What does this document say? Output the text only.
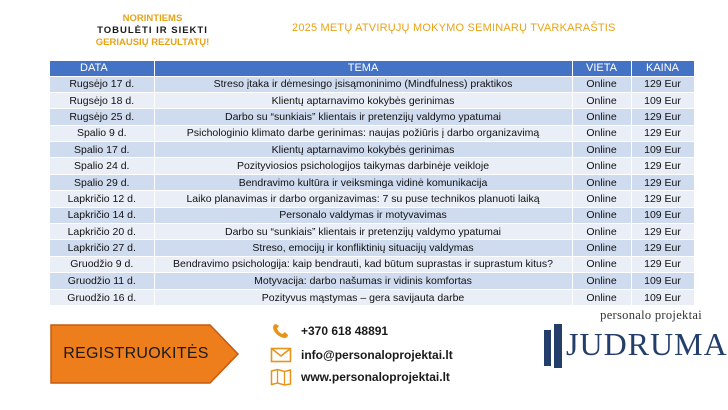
NORINTIEMS
TOBULĖTI IR SIEKTI
GERIAUSIŲ REZULTATŲ!
2025 METŲ ATVIRŲJŲ MOKYMO SEMINARŲ TVARKARAŠTIS
DATA	TEMA	VIETA	KAINA
Rugsėjo 17 d.	Streso įtaka ir dėmesingo įsisąmoninimo (Mindfulness) praktikos	Online	129 Eur
Rugsėjo 18 d.	Klientų aptarnavimo kokybės gerinimas	Online	109 Eur
Rugsėjo 25 d.	Darbo su “sunkiais” klientais ir pretenzijų valdymo ypatumai	Online	129 Eur
Spalio 9 d.	Psichologinio klimato darbe gerinimas: naujas požiūris į darbo organizavimą	Online	129 Eur
Spalio 17 d.	Klientų aptarnavimo kokybės gerinimas	Online	109 Eur
Spalio 24 d.	Pozityviosios psichologijos taikymas darbinėje veikloje	Online	129 Eur
Spalio 29 d.	Bendravimo kultūra ir veiksminga vidinė komunikacija	Online	129 Eur
Lapkričio 12 d.	Laiko planavimas ir darbo organizavimas: 7 su puse technikos planuoti laiką	Online	129 Eur
Lapkričio 14 d.	Personalo valdymas ir motyvavimas	Online	109 Eur
Lapkričio 20 d.	Darbo su “sunkiais” klientais ir pretenzijų valdymo ypatumai	Online	129 Eur
Lapkričio 27 d.	Streso, emocijų ir konfliktinių situacijų valdymas	Online	129 Eur
Gruodžio 9 d.	Bendravimo psichologija: kaip bendrauti, kad būtum suprastas ir suprastum kitus?	Online	129 Eur
Gruodžio 11 d.	Motyvacija: darbo našumas ir vidinis komfortas	Online	109 Eur
Gruodžio 16 d.	Pozityvus mąstymas – gera savijauta darbe	Online	109 Eur
REGISTRUOKITĖS
+370 618 48891
info@personaloprojektai.lt
www.personaloprojektai.lt
personalo projektai
JUDRUMA
